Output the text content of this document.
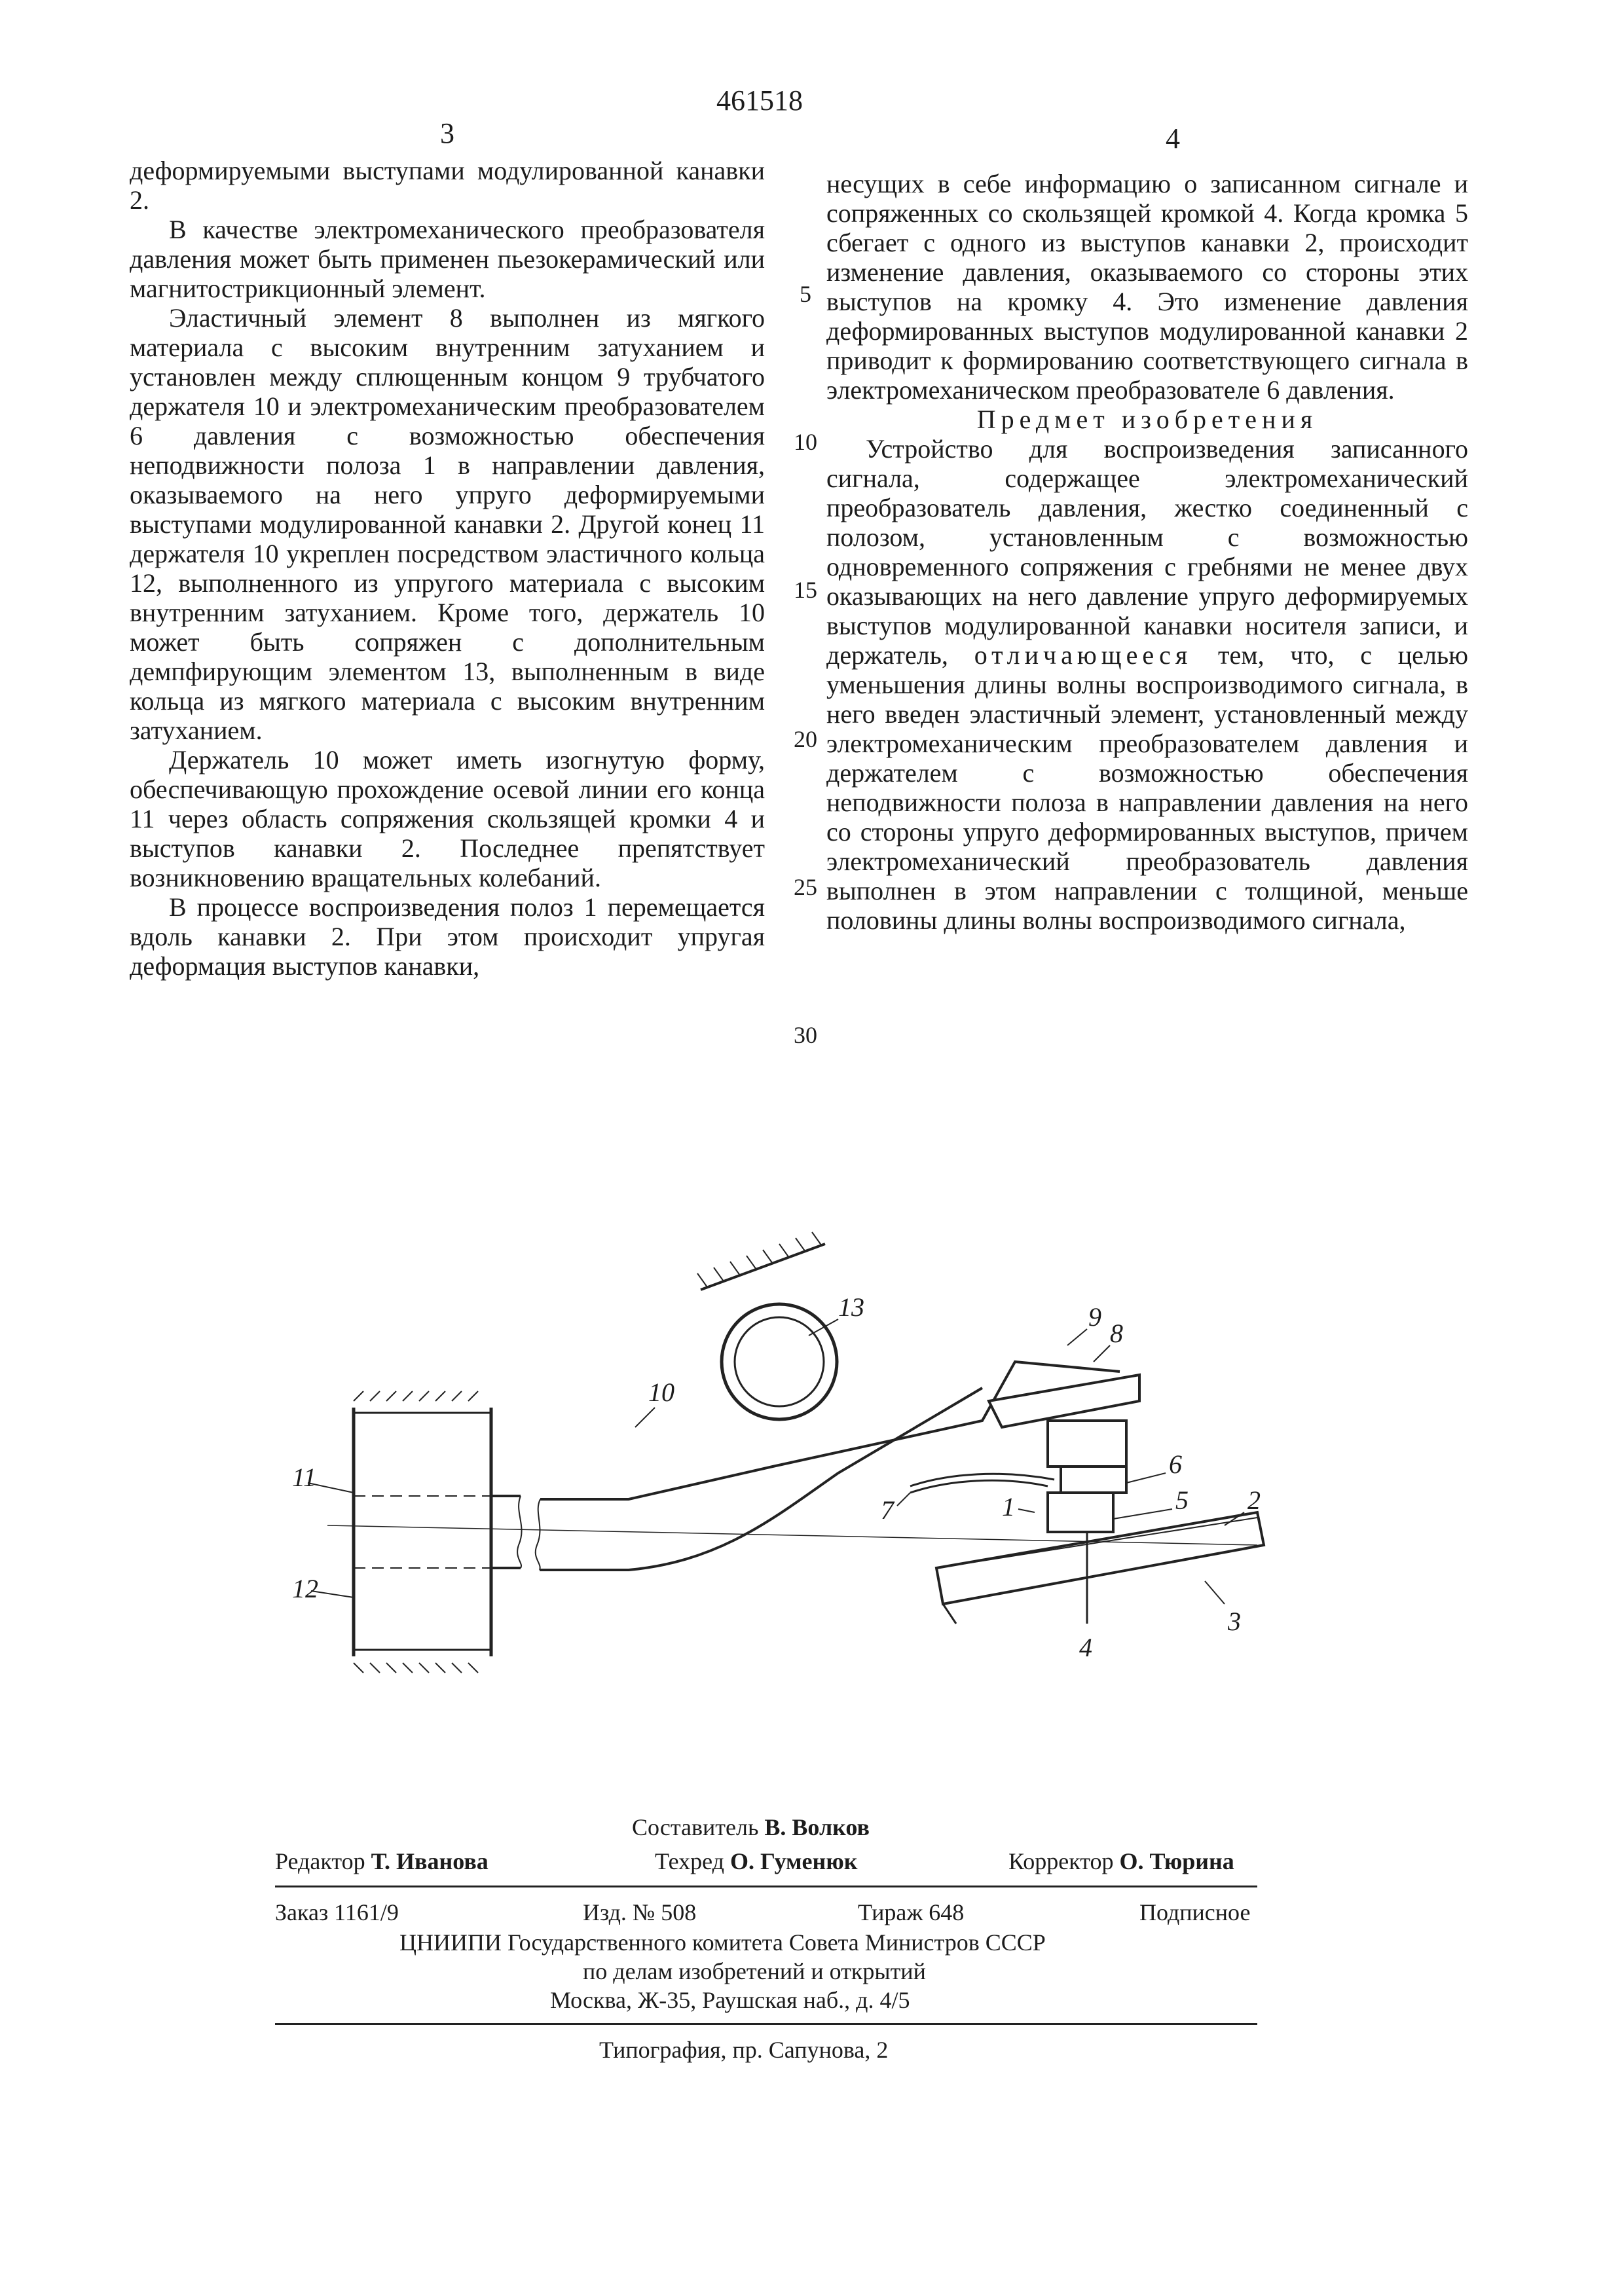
461518
3	4

деформируемыми выступами модулированной канавки 2.

В качестве электромеханического преобразователя давления может быть применен пьезокерамический или магнитострикционный элемент.

Эластичный элемент 8 выполнен из мягкого материала с высоким внутренним затуханием и установлен между сплющенным концом 9 трубчатого держателя 10 и электромеханическим преобразователем 6 давления с возможностью обеспечения неподвижности полоза 1 в направлении давления, оказываемого на него упруго деформируемыми выступами модулированной канавки 2. Другой конец 11 держателя 10 укреплен посредством эластичного кольца 12, выполненного из упругого материала с высоким внутренним затуханием. Кроме того, держатель 10 может быть сопряжен с дополнительным демпфирующим элементом 13, выполненным в виде кольца из мягкого материала с высоким внутренним затуханием.

Держатель 10 может иметь изогнутую форму, обеспечивающую прохождение осевой линии его конца 11 через область сопряжения скользящей кромки 4 и выступов канавки 2. Последнее препятствует возникновению вращательных колебаний.

В процессе воспроизведения полоз 1 перемещается вдоль канавки 2. При этом происходит упругая деформация выступов канавки,

5
10
15
20
25
30

несущих в себе информацию о записанном сигнале и сопряженных со скользящей кромкой 4. Когда кромка 5 сбегает с одного из выступов канавки 2, происходит изменение давления, оказываемого со стороны этих выступов на кромку 4. Это изменение давления деформированных выступов модулированной канавки 2 приводит к формированию соответствующего сигнала в электромеханическом преобразователе 6 давления.

Предмет изобретения

Устройство для воспроизведения записанного сигнала, содержащее электромеханический преобразователь давления, жестко соединенный с полозом, установленным с возможностью одновременного сопряжения с гребнями не менее двух оказывающих на него давление упруго деформируемых выступов модулированной канавки носителя записи, и держатель, отличающееся тем, что, с целью уменьшения длины волны воспроизводимого сигнала, в него введен эластичный элемент, установленный между электромеханическим преобразователем давления и держателем с возможностью обеспечения неподвижности полоза в направлении давления на него со стороны упруго деформированных выступов, причем электромеханический преобразователь давления выполнен в этом направлении с толщиной, меньше половины длины волны воспроизводимого сигнала,

11
12
10
13	9
8
6
1
7	5 2
3
4
Составитель В. Волков
Редактор Т. Иванова	Техред О. Гуменюк	Корректор О. Тюрина
Заказ 1161/9	Изд. № 508	Тираж 648	Подписное
ЦНИИПИ Государственного комитета Совета Министров СССР
по делам изобретений и открытий
Москва, Ж-35, Раушская наб., д. 4/5
Типография, пр. Сапунова, 2
